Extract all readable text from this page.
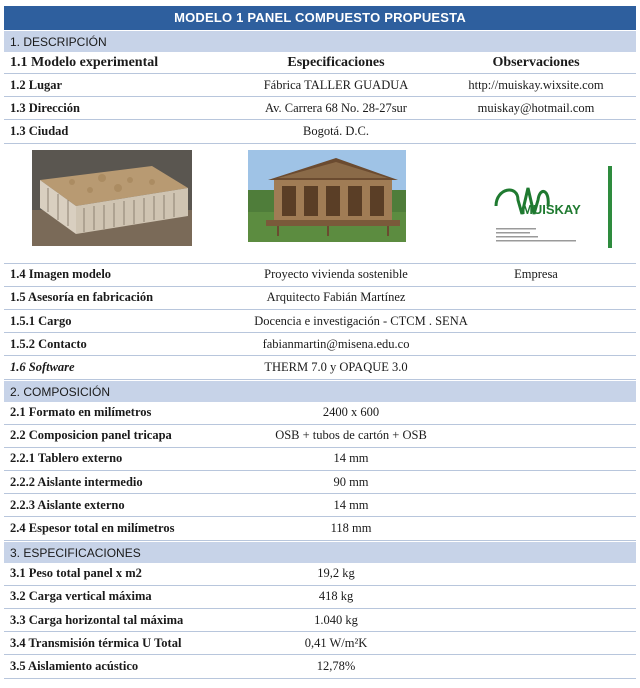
MODELO 1 PANEL COMPUESTO PROPUESTA
1. DESCRIPCIÓN
1.1 Modelo experimental	Especificaciones	Observaciones
1.2 Lugar	Fábrica TALLER GUADUA	http://muiskay.wixsite.com
1.3 Dirección	Av. Carrera 68 No. 28-27sur	muiskay@hotmail.com
1.3 Ciudad	Bogotá. D.C.
MUISKAY
1.4 Imagen modelo	Proyecto vivienda sostenible	Empresa
1.5 Asesoría en fabricación	Arquitecto Fabián Martínez
1.5.1 Cargo	Docencia e investigación - CTCM . SENA
1.5.2 Contacto	fabianmartin@misena.edu.co
1.6 Software	THERM 7.0 y OPAQUE 3.0
2. COMPOSICIÓN
2.1 Formato en milímetros	2400 x 600
2.2 Composicion panel tricapa	OSB + tubos de cartón + OSB
2.2.1 Tablero externo	14 mm
2.2.2 Aislante intermedio	90 mm
2.2.3 Aislante externo	14 mm
2.4 Espesor total en milímetros	118 mm
3. ESPECIFICACIONES
3.1 Peso total panel x m2	19,2 kg
3.2 Carga vertical máxima	418 kg
3.3 Carga horizontal tal máxima	1.040 kg
3.4 Transmisión térmica U Total	0,41 W/m²K
3.5 Aislamiento acústico	12,78%
